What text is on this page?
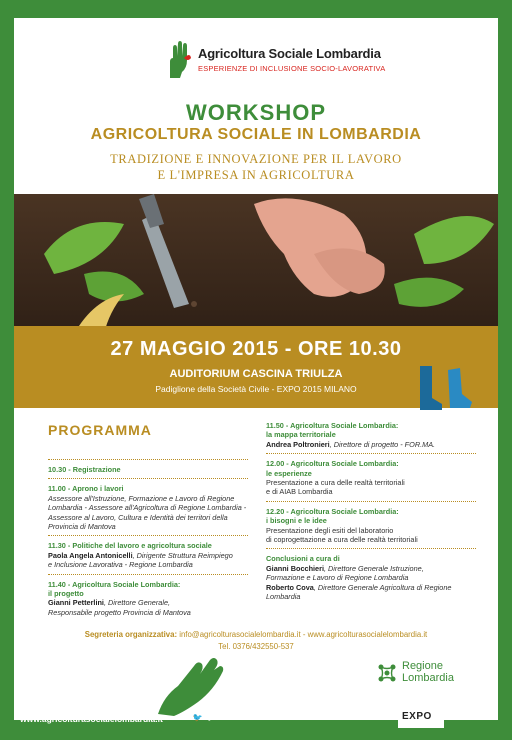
Agricoltura Sociale Lombardia
ESPERIENZE DI INCLUSIONE SOCIO-LAVORATIVA
WORKSHOP
AGRICOLTURA SOCIALE IN LOMBARDIA
TRADIZIONE E INNOVAZIONE PER IL LAVORO
E L'IMPRESA IN AGRICOLTURA
27 MAGGIO 2015 - ORE 10.30
AUDITORIUM CASCINA TRIULZA
Padiglione della Società Civile - EXPO 2015 MILANO
PROGRAMMA
10.30 - Registrazione
11.00 - Aprono i lavori
Assessore all'Istruzione, Formazione e Lavoro di Regione
Lombardia - Assessore all'Agricoltura di Regione Lombardia -
Assessore al Lavoro, Cultura e Identità dei territori della
Provincia di Mantova
11.30 - Politiche del lavoro e agricoltura sociale
Paola Angela Antonicelli, Dirigente Struttura Reimpiego
e Inclusione Lavorativa - Regione Lombardia
11.40 - Agricoltura Sociale Lombardia:
il progetto
Gianni Petterlini, Direttore Generale,
Responsabile progetto Provincia di Mantova
11.50 - Agricoltura Sociale Lombardia:
la mappa territoriale
Andrea Poltronieri, Direttore di progetto - FOR.MA.
12.00 - Agricoltura Sociale Lombardia:
le esperienze
Presentazione a cura delle realtà territoriali
e di AIAB Lombardia
12.20 - Agricoltura Sociale Lombardia:
i bisogni e le idee
Presentazione degli esiti del laboratorio
di coprogettazione a cura delle realtà territoriali
Conclusioni a cura di
Gianni Bocchieri, Direttore Generale Istruzione,
Formazione e Lavoro di Regione Lombardia
Roberto Cova, Direttore Generale Agricoltura di Regione
Lombardia
Segreteria organizzativa: info@agricolturasocialelombardia.it - www.agricolturasocialelombardia.it
Tel. 0376/432550-537
Regione
Lombardia
www.agricolturasocialelombardia.it	f 🐦 ▶	EXPO
